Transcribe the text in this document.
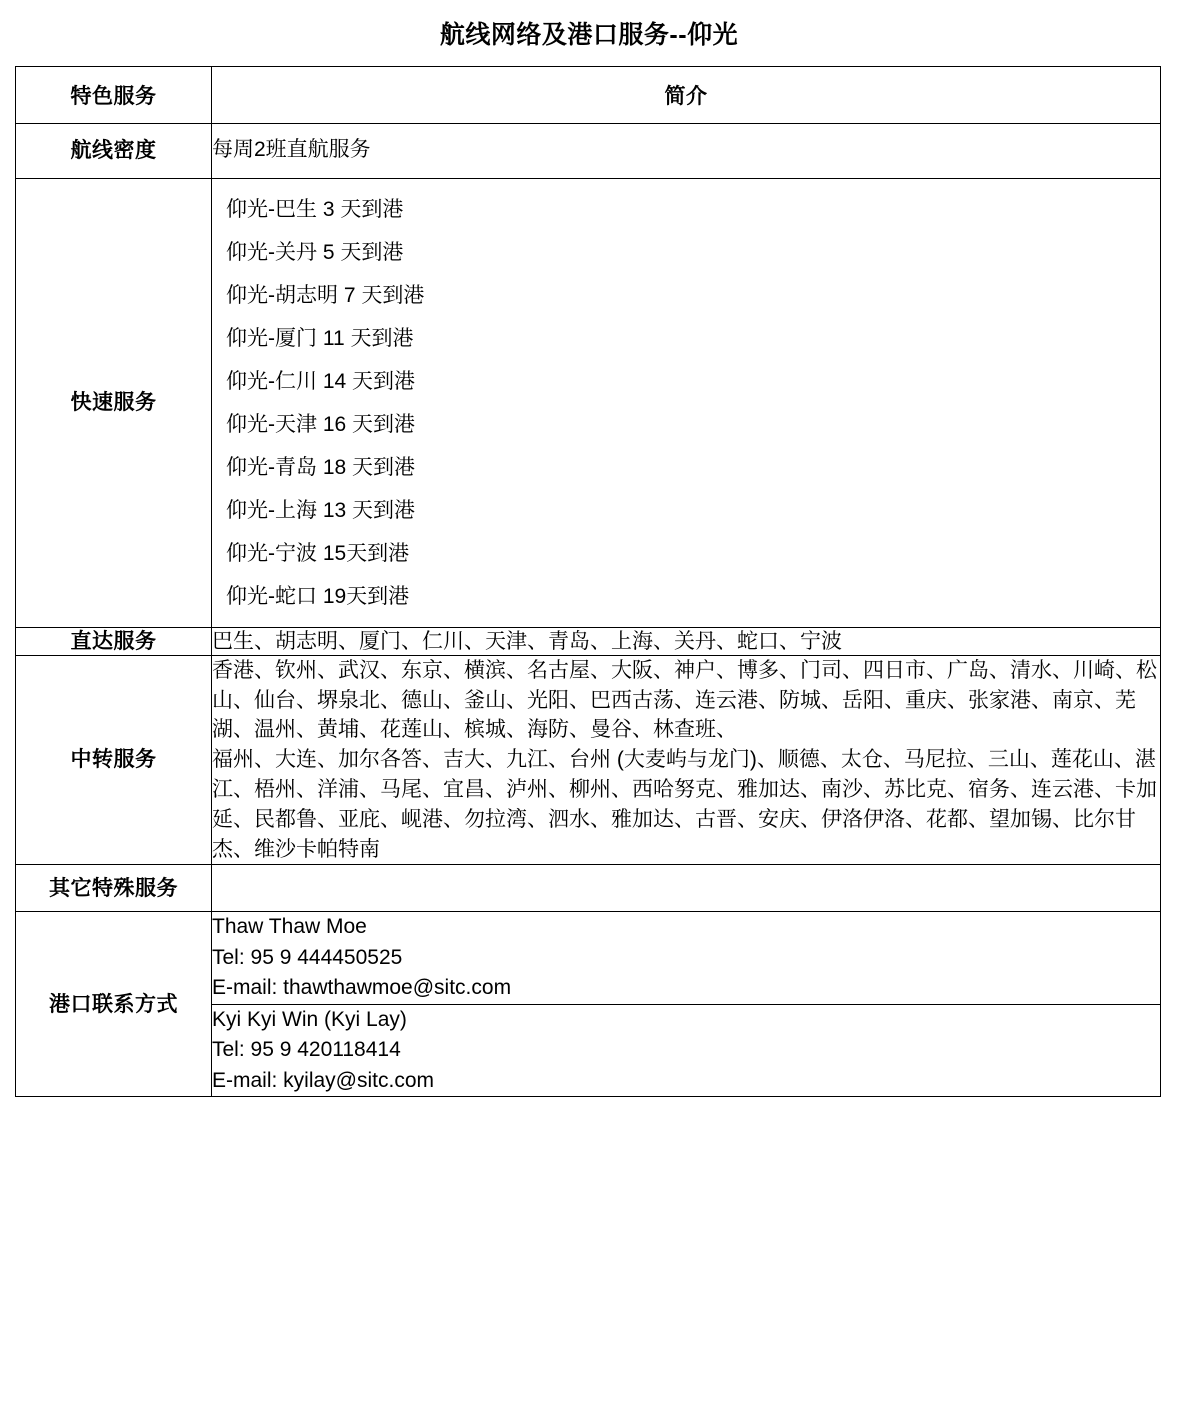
航线网络及港口服务--仰光
特色服务	简介
航线密度	每周2班直航服务
快速服务	
仰光-巴生 3 天到港
仰光-关丹 5 天到港
仰光-胡志明 7 天到港
仰光-厦门 11 天到港
仰光-仁川 14 天到港
仰光-天津 16 天到港
仰光-青岛 18 天到港
仰光-上海 13 天到港
仰光-宁波 15天到港
仰光-蛇口 19天到港

直达服务	巴生、胡志明、厦门、仁川、天津、青岛、上海、关丹、蛇口、宁波
中转服务	香港、钦州、武汉、东京、横滨、名古屋、大阪、神户、博多、门司、四日市、广岛、清水、川崎、松山、仙台、堺泉北、德山、釜山、光阳、巴西古荡、连云港、防城、岳阳、重庆、张家港、南京、芜湖、温州、黄埔、花莲山、槟城、海防、曼谷、林查班、

福州、大连、加尔各答、吉大、九江、台州 (大麦屿与龙门)、顺德、太仓、马尼拉、三山、莲花山、湛江、梧州、洋浦、马尾、宜昌、泸州、柳州、西哈努克、雅加达、南沙、苏比克、宿务、连云港、卡加延、民都鲁、亚庇、岘港、勿拉湾、泗水、雅加达、古晋、安庆、伊洛伊洛、花都、望加锡、比尔甘杰、维沙卡帕特南

其它特殊服务	
港口联系方式	Thaw Thaw Moe
Tel: 95 9 444450525
E-mail: thawthawmoe@sitc.com

	Kyi Kyi Win (Kyi Lay)
Tel: 95 9 420118414
E-mail: kyilay@sitc.com
